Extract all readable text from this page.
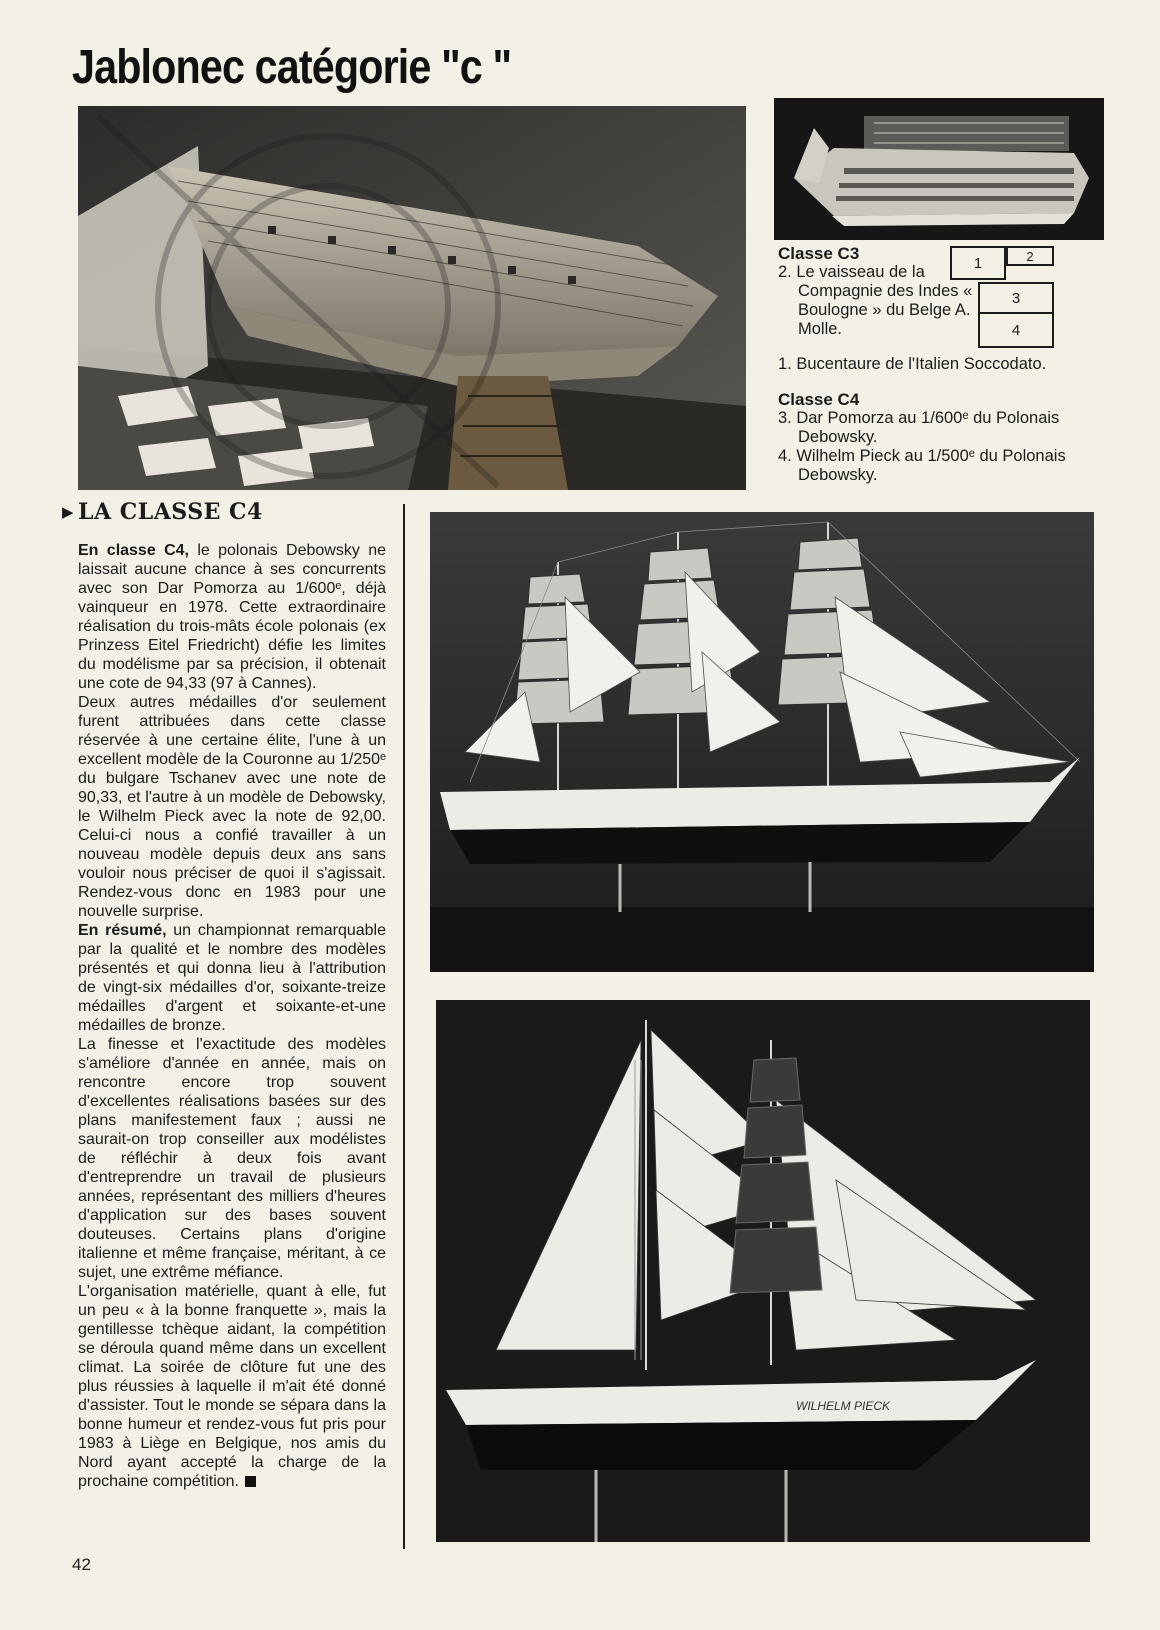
Jablonec catégorie "c "
Classe C3
2. Le vaisseau de la Compagnie des Indes « Boulogne » du Belge A. Molle.
1. Bucentaure de l'Italien Soccodato.
Classe C4
3. Dar Pomorza au 1/600ᵉ du Polonais Debowsky.
4. Wilhelm Pieck au 1/500ᵉ du Polonais Debowsky.
1	2
3
4
▶ LA CLASSE C4

En classe C4, le polonais Debowsky ne laissait aucune chance à ses concurrents avec son Dar Pomorza au 1/600ᵉ, déjà vainqueur en 1978. Cette extraordinaire réalisation du trois-mâts école polonais (ex Prinzess Eitel Friedricht) défie les limites du modélisme par sa précision, il obtenait une cote de 94,33 (97 à Cannes).

Deux autres médailles d'or seulement furent attribuées dans cette classe réservée à une certaine élite, l'une à un excellent modèle de la Couronne au 1/250ᵉ du bulgare Tschanev avec une note de 90,33, et l'autre à un modèle de Debowsky, le Wilhelm Pieck avec la note de 92,00. Celui-ci nous a confié travailler à un nouveau modèle depuis deux ans sans vouloir nous préciser de quoi il s'agissait. Rendez-vous donc en 1983 pour une nouvelle surprise.

En résumé, un championnat remarquable par la qualité et le nombre des modèles présentés et qui donna lieu à l'attribution de vingt-six médailles d'or, soixante-treize médailles d'argent et soixante-et-une médailles de bronze.

La finesse et l'exactitude des modèles s'améliore d'année en année, mais on rencontre encore trop souvent d'excellentes réalisations basées sur des plans manifestement faux ; aussi ne saurait-on trop conseiller aux modélistes de réfléchir à deux fois avant d'entreprendre un travail de plusieurs années, représentant des milliers d'heures d'application sur des bases souvent douteuses. Certains plans d'origine italienne et même française, méritant, à ce sujet, une extrême méfiance.

L'organisation matérielle, quant à elle, fut un peu « à la bonne franquette », mais la gentillesse tchèque aidant, la compétition se déroula quand même dans un excellent climat. La soirée de clôture fut une des plus réussies à laquelle il m'ait été donné d'assister. Tout le monde se sépara dans la bonne humeur et rendez-vous fut pris pour 1983 à Liège en Belgique, nos amis du Nord ayant accepté la charge de la prochaine compétition.

WILHELM PIECK
42
